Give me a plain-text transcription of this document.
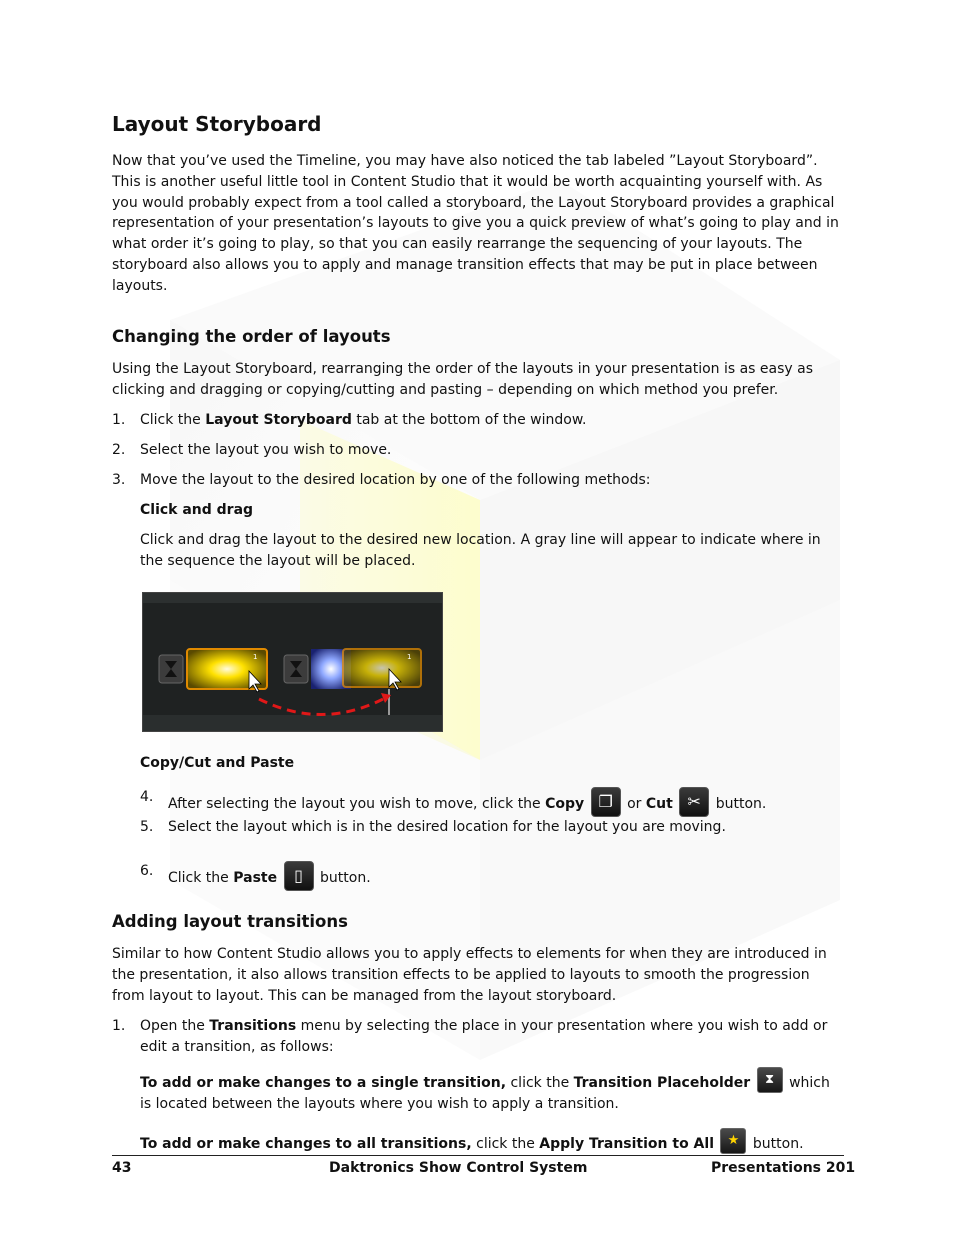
Layout Storyboard

Now that you’ve used the Timeline, you may have also noticed the tab labeled ”Layout Storyboard”. This is another useful little tool in Content Studio that it would be worth acquainting yourself with. As you would probably expect from a tool called a storyboard, the Layout Storyboard provides a graphical representation of your presentation’s layouts to give you a quick preview of what’s going to play and in what order it’s going to play, so that you can easily rearrange the sequencing of your layouts. The storyboard also allows you to apply and manage transition effects that may be put in place between layouts.

Changing the order of layouts

Using the Layout Storyboard, rearranging the order of the layouts in your presentation is as easy as clicking and dragging or copying/cutting and pasting – depending on which method you prefer.

1. Click the Layout Storyboard tab at the bottom of the window.
2. Select the layout you wish to move.
3. Move the layout to the desired location by one of the following methods:
Click and drag

Click and drag the layout to the desired new location. A gray line will appear to indicate where in the sequence the layout will be placed.

Copy/Cut and Paste
4. After selecting the layout you wish to move, click the Copy ❐ or Cut ✂	button.
5. Select the layout which is in the desired location for the layout you are moving.
6. Click the Paste	▯	button.
Adding layout transitions

Similar to how Content Studio allows you to apply effects to elements for when they are introduced in the presentation, it also allows transition effects to be applied to layouts to smooth the progression from layout to layout. This can be managed from the layout storyboard.

1. Open the Transitions menu by selecting the place in your presentation where you wish to add or edit a transition, as follows:

To add or make changes to a single transition, click the Transition Placeholder	⧗	which is located between the layouts where you wish to apply a transition.

To add or make changes to all transitions, click the Apply Transition to All	★ button.

1	1
43	Daktronics Show Control System	Presentations 201
